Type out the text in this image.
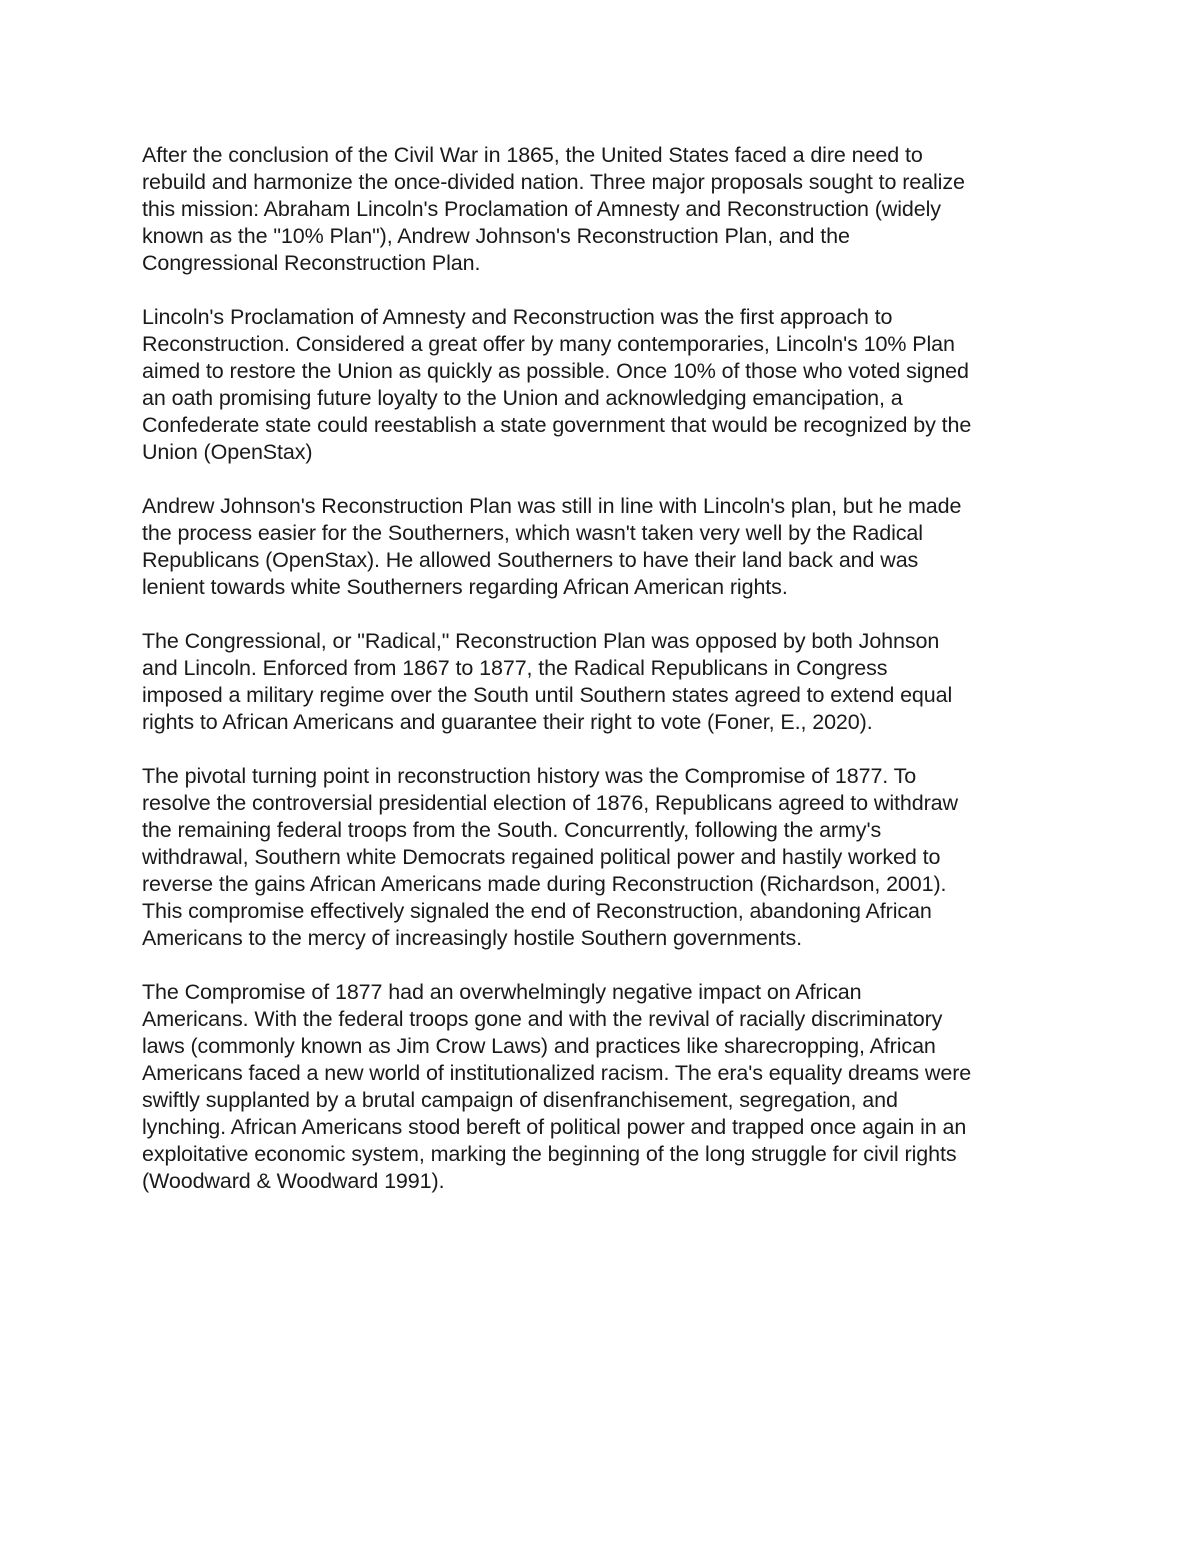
After the conclusion of the Civil War in 1865, the United States faced a dire need to
rebuild and harmonize the once-divided nation. Three major proposals sought to realize
this mission: Abraham Lincoln's Proclamation of Amnesty and Reconstruction (widely
known as the "10% Plan"), Andrew Johnson's Reconstruction Plan, and the
Congressional Reconstruction Plan.

Lincoln's Proclamation of Amnesty and Reconstruction was the first approach to
Reconstruction. Considered a great offer by many contemporaries, Lincoln's 10% Plan
aimed to restore the Union as quickly as possible. Once 10% of those who voted signed
an oath promising future loyalty to the Union and acknowledging emancipation, a
Confederate state could reestablish a state government that would be recognized by the
Union (OpenStax)

Andrew Johnson's Reconstruction Plan was still in line with Lincoln's plan, but he made
the process easier for the Southerners, which wasn't taken very well by the Radical
Republicans (OpenStax). He allowed Southerners to have their land back and was
lenient towards white Southerners regarding African American rights.

The Congressional, or "Radical," Reconstruction Plan was opposed by both Johnson
and Lincoln. Enforced from 1867 to 1877, the Radical Republicans in Congress
imposed a military regime over the South until Southern states agreed to extend equal
rights to African Americans and guarantee their right to vote (Foner, E., 2020).

The pivotal turning point in reconstruction history was the Compromise of 1877. To
resolve the controversial presidential election of 1876, Republicans agreed to withdraw
the remaining federal troops from the South. Concurrently, following the army's
withdrawal, Southern white Democrats regained political power and hastily worked to
reverse the gains African Americans made during Reconstruction (Richardson, 2001).
This compromise effectively signaled the end of Reconstruction, abandoning African
Americans to the mercy of increasingly hostile Southern governments.

The Compromise of 1877 had an overwhelmingly negative impact on African
Americans. With the federal troops gone and with the revival of racially discriminatory
laws (commonly known as Jim Crow Laws) and practices like sharecropping, African
Americans faced a new world of institutionalized racism. The era's equality dreams were
swiftly supplanted by a brutal campaign of disenfranchisement, segregation, and
lynching. African Americans stood bereft of political power and trapped once again in an
exploitative economic system, marking the beginning of the long struggle for civil rights
(Woodward & Woodward 1991).
